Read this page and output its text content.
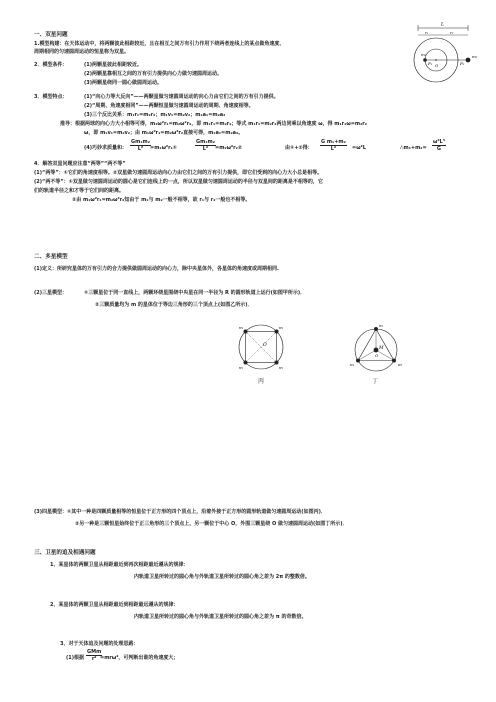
一、双星问题
1.模型构建：在天体运动中，将两颗彼此相距较近，且在相互之间万有引力作用下绕两者连线上的某点做角速度、
周期相同的匀速圆周运动的恒星称为双星。
2．模型条件：	(1)两颗星彼此相距较近。
(2)两颗星靠相互之间的万有引力提供向心力做匀速圆周运动。
(3)两颗星绕同一圆心做圆周运动。
3．模型特点：	(1)“向心力等大反向”——两颗星做匀速圆周运动的向心力由它们之间的万有引力提供。
(2)“周期、角速度相同”——两颗恒星做匀速圆周运动的周期、角速度相等。
(3)三个反比关系：m₁r₁=m₂r₂；m₁v₁=m₂v₂；m₁a₁=m₂a₂
推导：根据两球的向心力大小相等可得，m₁ω²r₁=m₂ω²r₂，即 m₁r₁=m₂r₂；等式 m₁r₁=m₂r₂两边同乘以角速度 ω，得 m₁r₁ω=m₂r₂
ω，即 m₁v₁=m₂v₂；由 m₁ω²r₁=m₂ω²r₂直接可得，m₁a₁=m₂a₂。
(4)巧妙求质量和： $\frac{\text{Gm₁m₂}}{\text{L²}}$ =m₁ω²r₁①	$\frac{\text{Gm₁m₂}}{\text{L²}}$ =m₂ω²r₂②	由①+②得： $\frac{\text{G m₁+m₂}}{\text{L²}} =\omega^2L$	∴m₁+m₂= $\frac{\text{ω²L³}}{G}$
4．解答双星问题应注意“两等”“两不等”
(1)“两等”：①它们的角速度相等。②双星做匀速圆周运动向心力由它们之间的万有引力提供，即它们受到的向心力大小总是相等。
(2)“两不等”：①双星做匀速圆周运动的圆心是它们连线上的一点，所以双星做匀速圆周运动的半径与双星间的距离是不相等的，它
们的轨道半径之和才等于它们间的距离。
②由 m₁ω²r₁=m₂ω²r₂知由于 m₁与 m₂一般不相等，故 r₁与 r₂一般也不相等。
L
r₁	r₂
m₁	m₂
F₁	F₂
O
二、多星模型
(1)定义：所研究星体的万有引力的合力提供做圆周运动的向心力，除中央星体外，各星体的角速度或周期相同.
(2)三星模型：	①三颗星位于同一直线上，两颗环绕星围绕中央星在同一半径为 R 的圆形轨道上运行(如图甲所示)．
②三颗质量均为 m 的星体位于等边三角形的三个顶点上(如图乙所示)．
m	m
m	m
O
丙
m
m	m
M
O
丁
(3)四星模型：①其中一种是四颗质量相等的恒星位于正方形的四个顶点上，沿着外接于正方形的圆形轨道做匀速圆周运动(如图丙)．
②另一种是三颗恒星始终位于正三角形的三个顶点上，另一颗位于中心 O，外围三颗星绕 O 做匀速圆周运动(如图丁所示)．
三、卫星的追及相遇问题
1、某星体的两颗卫星从相距最近到再次相距最近遵从的规律：
内轨道卫星所转过的圆心角与外轨道卫星所转过的圆心角之差为 2π 的整数倍。
2、某星体的两颗卫星从相距最近到相距最远遵从的规律：
内轨道卫星所转过的圆心角与外轨道卫星所转过的圆心角之差为 π 的奇数倍。
3、对于天体追及问题的处理思路：
(1)根据
GMm
r² =mrω²，可判断出谁的角速度大；
